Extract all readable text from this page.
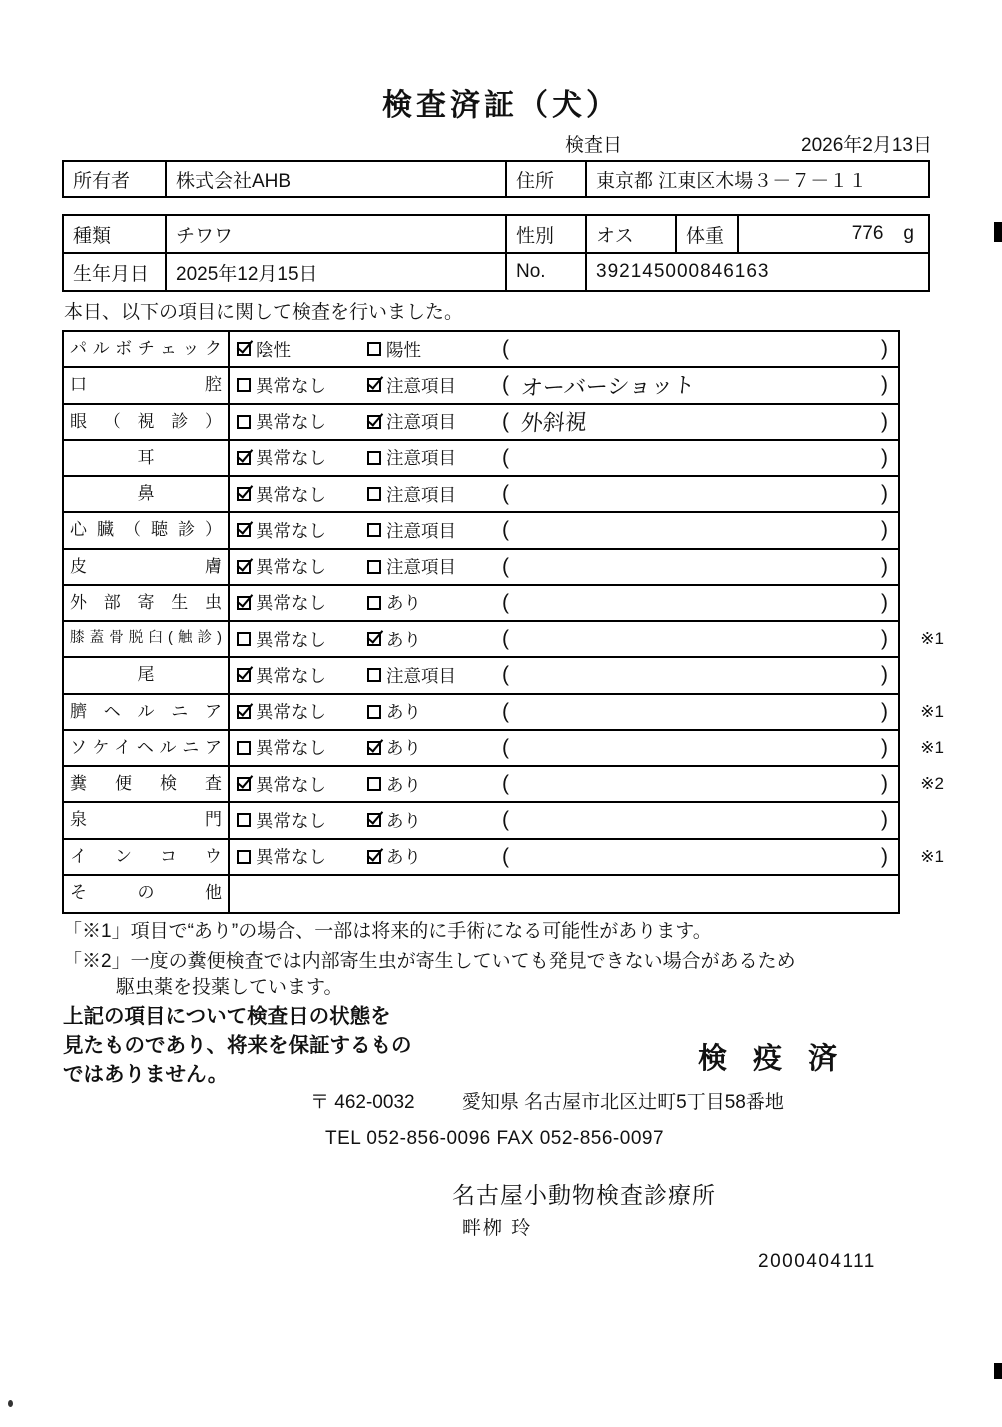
検査済証（犬）
検査日	2026年2月13日
所有者	株式会社AHB	住所	東京都 江東区木場３－７－１１
種類	チワワ	性別	オス	体重	776 g
生年月日	2025年12月15日	No.	392145000846163
本日、以下の項目に関して検査を行いました。
パルボチェック	陰性	陽性	(	)
口腔	異常なし	注意項目 ( オーバーショット	)
眼（視診）	異常なし	注意項目 ( 外斜視	)
耳	異常なし	注意項目 (	)
鼻	異常なし	注意項目 (	)
心臓（聴診）	異常なし	注意項目 (	)
皮膚	異常なし	注意項目 (	)
外部寄生虫	異常なし	あり	(	)
膝蓋骨脱臼(触診)	異常なし	あり	(	) ※1
尾	異常なし	注意項目 (	)
臍ヘルニア	異常なし	あり	(	) ※1
ソケイヘルニア	異常なし	あり	(	) ※1
糞便検査	異常なし	あり	(	) ※2
泉門	異常なし	あり	(	)
インコウ	異常なし	あり	(	) ※1
その他
「※1」項目で“あり”の場合、一部は将来的に手術になる可能性があります。
「※2」一度の糞便検査では内部寄生虫が寄生していても発見できない場合があるため
駆虫薬を投薬しています。
上記の項目について検査日の状態を
見たものであり、将来を保証するもの
ではありません。	検 疫 済
〒 462-0032 愛知県 名古屋市北区辻町5丁目58番地
TEL 052-856-0096 FAX 052-856-0097
名古屋小動物検査診療所
畔栁 玲
2000404111
